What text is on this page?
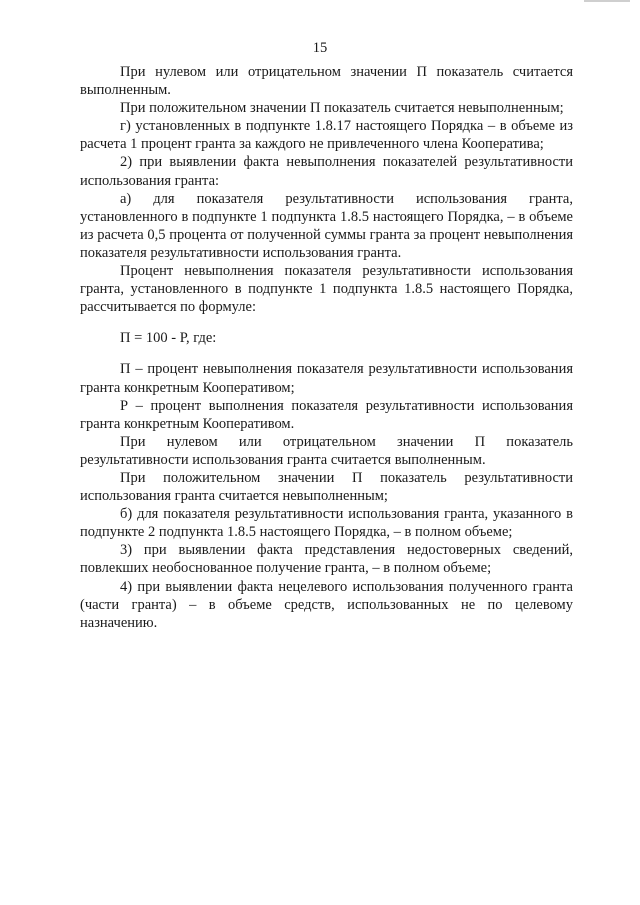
15

При нулевом или отрицательном значении П показатель считается выполненным.

При положительном значении П показатель считается невыполненным;

г) установленных в подпункте 1.8.17 настоящего Порядка – в объеме из расчета 1 процент гранта за каждого не привлеченного члена Кооператива;

2) при выявлении факта невыполнения показателей результативности использования гранта:

а) для показателя результативности использования гранта, установленного в подпункте 1 подпункта 1.8.5 настоящего Порядка, – в объеме из расчета 0,5 процента от полученной суммы гранта за процент невыполнения показателя результативности использования гранта.

Процент невыполнения показателя результативности использования гранта, установленного в подпункте 1 подпункта 1.8.5 настоящего Порядка, рассчитывается по формуле:

П = 100 - Р, где:

П – процент невыполнения показателя результативности использования гранта конкретным Кооперативом;

Р – процент выполнения показателя результативности использования гранта конкретным Кооперативом.

При нулевом или отрицательном значении П показатель результативности использования гранта считается выполненным.

При положительном значении П показатель результативности использования гранта считается невыполненным;

б) для показателя результативности использования гранта, указанного в подпункте 2 подпункта 1.8.5 настоящего Порядка, – в полном объеме;

3) при выявлении факта представления недостоверных сведений, повлекших необоснованное получение гранта, – в полном объеме;

4) при выявлении факта нецелевого использования полученного гранта (части гранта) – в объеме средств, использованных не по целевому назначению.
